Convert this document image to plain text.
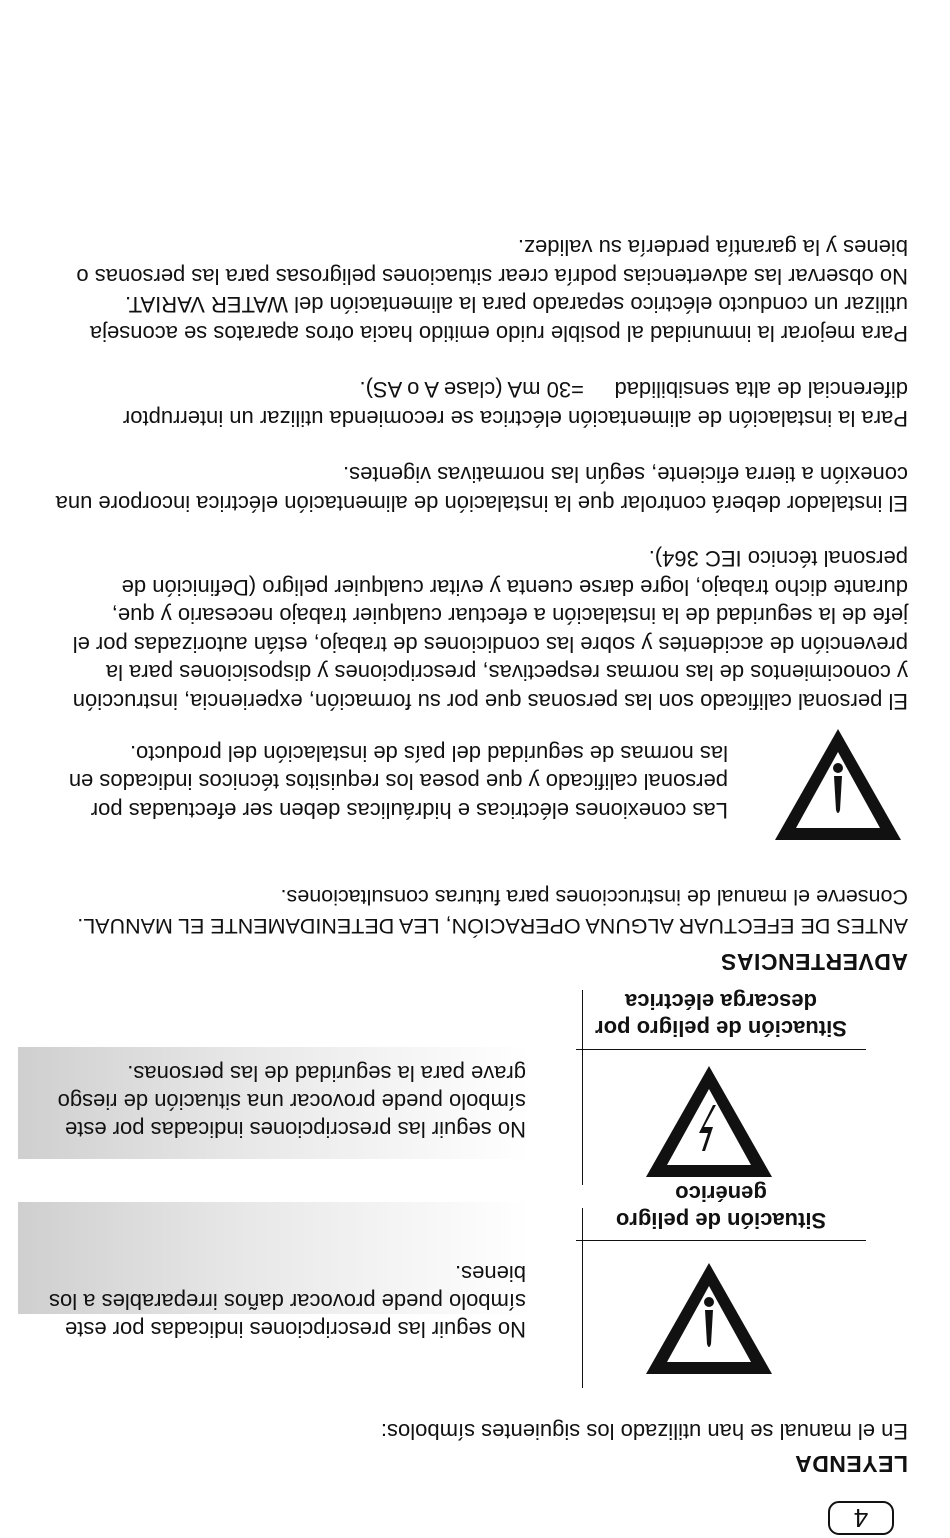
4
LEYENDA
En el manual se han utilizado los siguientes símbolos:
Situación de peligro genérico
No seguir las prescripciones indicadas por este
símbolo puede provocar daños irreparables a los
bienes.
Situación de peligro por
descarga eléctrica
No seguir las prescripciones indicadas por este
símbolo puede provocar una situación de riesgo
grave para la seguridad de las personas.
ADVERTENCIAS
ANTES DE EFECTUAR ALGUNA OPERACIÓN, LEA DETENIDAMENTE EL MANUAL.
Conserve el manual de instrucciones para futuras consultaciones.
Las conexiones eléctricas e hidráulicas deben ser efectuadas por
personal calificado y que posea los requisitos técnicos indicados en
las normas de seguridad del país de instalación del producto.
El personal calificado son las personas que por su formación, experiencia, instrucción
y conocimientos de las normas respectivas, prescripciones y disposiciones para la
prevención de accidentes y sobre las condiciones de trabajo, están autorizadas por el
jefe de la seguridad de la instalación a efectuar cualquier trabajo necesario y que,
durante dicho trabajo, logre darse cuenta y evitar cualquier peligro (Definición de
personal técnico IEC 364).
El instalador deberá controlar que la instalación de alimentación eléctrica incorpore una
conexión a tierra eficiente, según las normativas vigentes.
Para la instalación de alimentación eléctrica se recomienda utilizar un interruptor
diferencial de alta sensibilidad     =30 mA (clase A o AS).
Para mejorar la inmunidad al posible ruido emitido hacia otros aparatos se aconseja
utilizar un conducto eléctrico separado para la alimentación del WATER VARIAT.
No observar las advertencias podría crear situaciones peligrosas para las personas o
bienes y la garantía perdería su validez.
